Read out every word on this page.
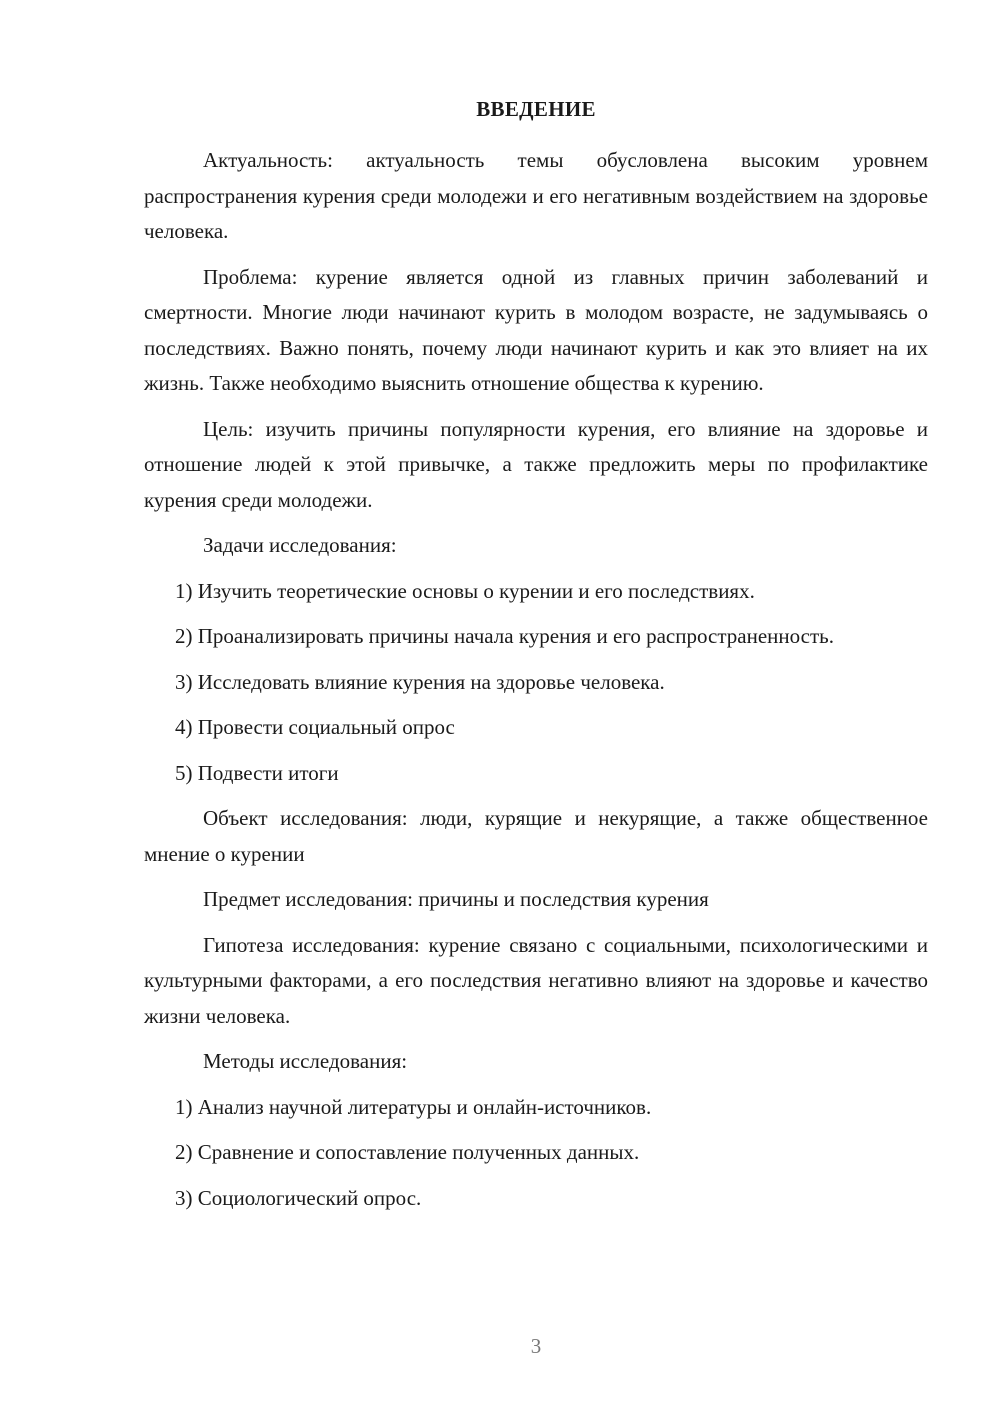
ВВЕДЕНИЕ

Актуальность: актуальность темы обусловлена высоким уровнем распространения курения среди молодежи и его негативным воздействием на здоровье человека.

Проблема: курение является одной из главных причин заболеваний и смертности. Многие люди начинают курить в молодом возрасте, не задумываясь о последствиях. Важно понять, почему люди начинают курить и как это влияет на их жизнь. Также необходимо выяснить отношение общества к курению.

Цель: изучить причины популярности курения, его влияние на здоровье и отношение людей к этой привычке, а также предложить меры по профилактике курения среди молодежи.

Задачи исследования:

1) Изучить теоретические основы о курении и его последствиях.

2) Проанализировать причины начала курения и его распространенность.

3) Исследовать влияние курения на здоровье человека.

4) Провести социальный опрос

5) Подвести итоги

Объект исследования: люди, курящие и некурящие, а также общественное мнение о курении

Предмет исследования: причины и последствия курения

Гипотеза исследования: курение связано с социальными, психологическими и культурными факторами, а его последствия негативно влияют на здоровье и качество жизни человека.

Методы исследования:

1) Анализ научной литературы и онлайн-источников.

2) Сравнение и сопоставление полученных данных.

3) Социологический опрос.

3
